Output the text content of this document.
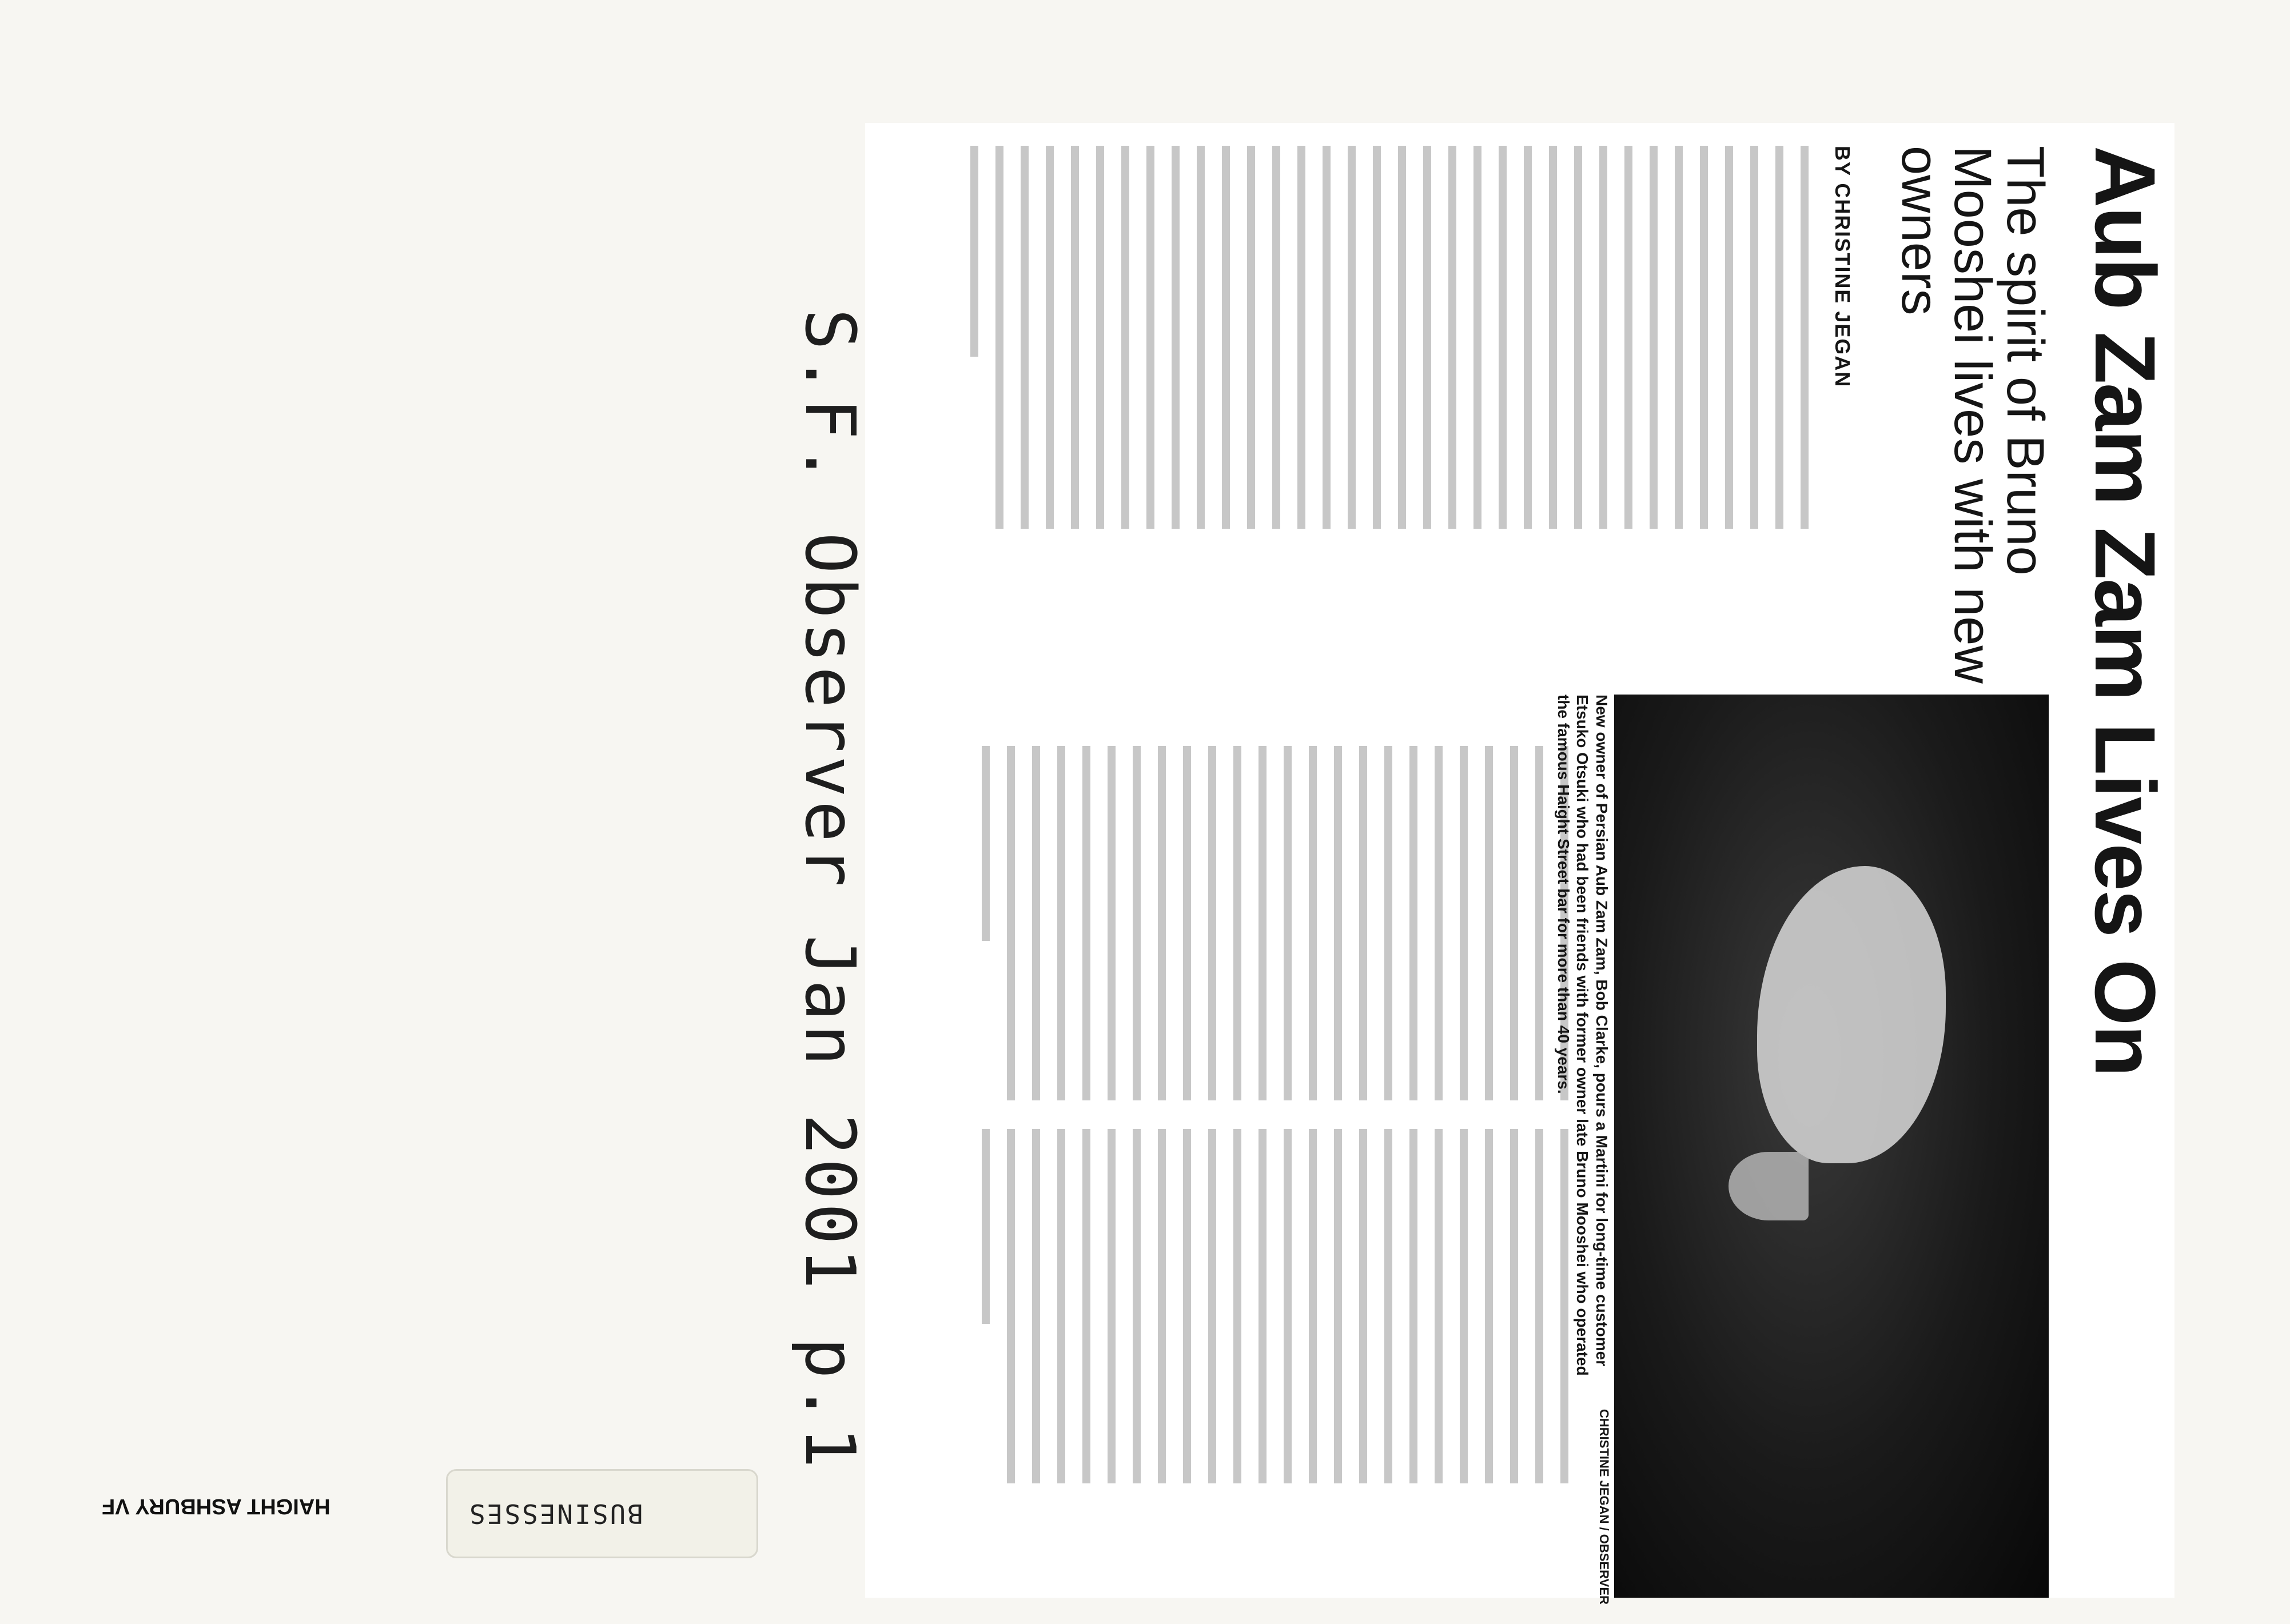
Aub Zam Zam Lives On
The spirit of Bruno Mooshei lives with new owners
BY CHRISTINE JEGAN
CHRISTINE JEGAN / OBSERVER
New owner of Persian Aub Zam Zam, Bob Clarke, pours a Martini for long-time customer Etsuko Otsuki who had been friends with former owner late Bruno Mooshei who operated the famous Haight Street bar for more than 40 years.
S.F. Observer Jan 2001 p.1
HAIGHT ASHBURY VF	BUSINESSES
